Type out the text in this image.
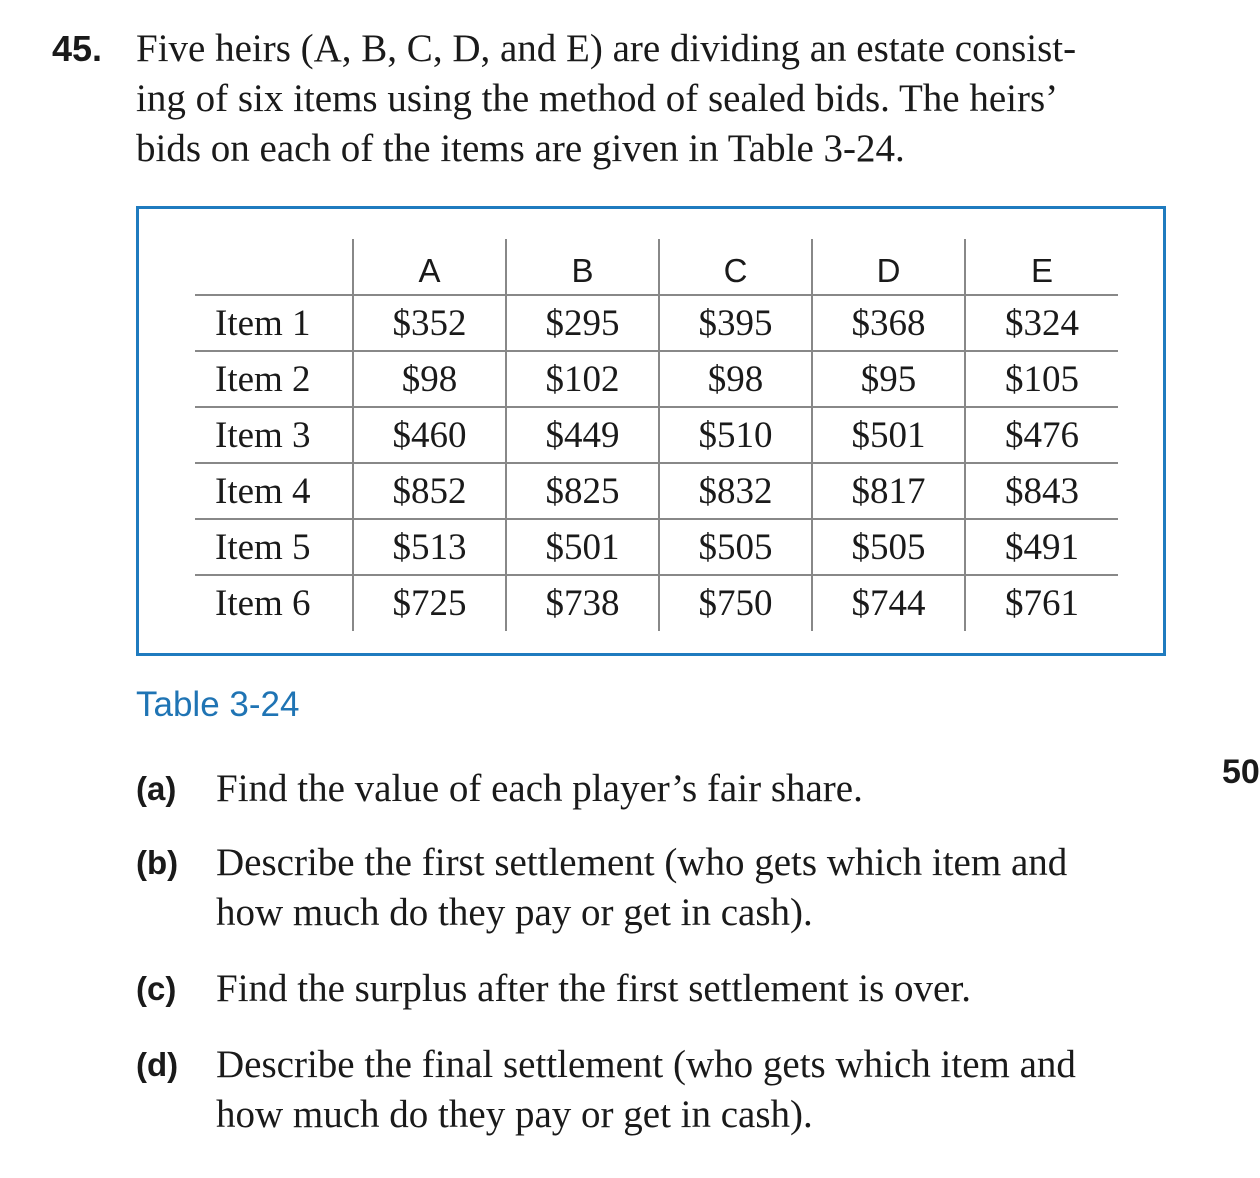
45. Five heirs (A, B, C, D, and E) are dividing an estate consist-
ing of six items using the method of sealed bids. The heirs’
bids on each of the items are given in Table 3-24.
	A	B	C	D	E
Item 1	$352	$295	$395	$368	$324
Item 2	$98	$102	$98	$95	$105
Item 3	$460	$449	$510	$501	$476
Item 4	$852	$825	$832	$817	$843
Item 5	$513	$501	$505	$505	$491
Item 6	$725	$738	$750	$744	$761
Table 3-24
50
(a) Find the value of each player’s fair share.
(b) Describe the first settlement (who gets which item and
how much do they pay or get in cash).
(c) Find the surplus after the first settlement is over.
(d) Describe the final settlement (who gets which item and
how much do they pay or get in cash).
